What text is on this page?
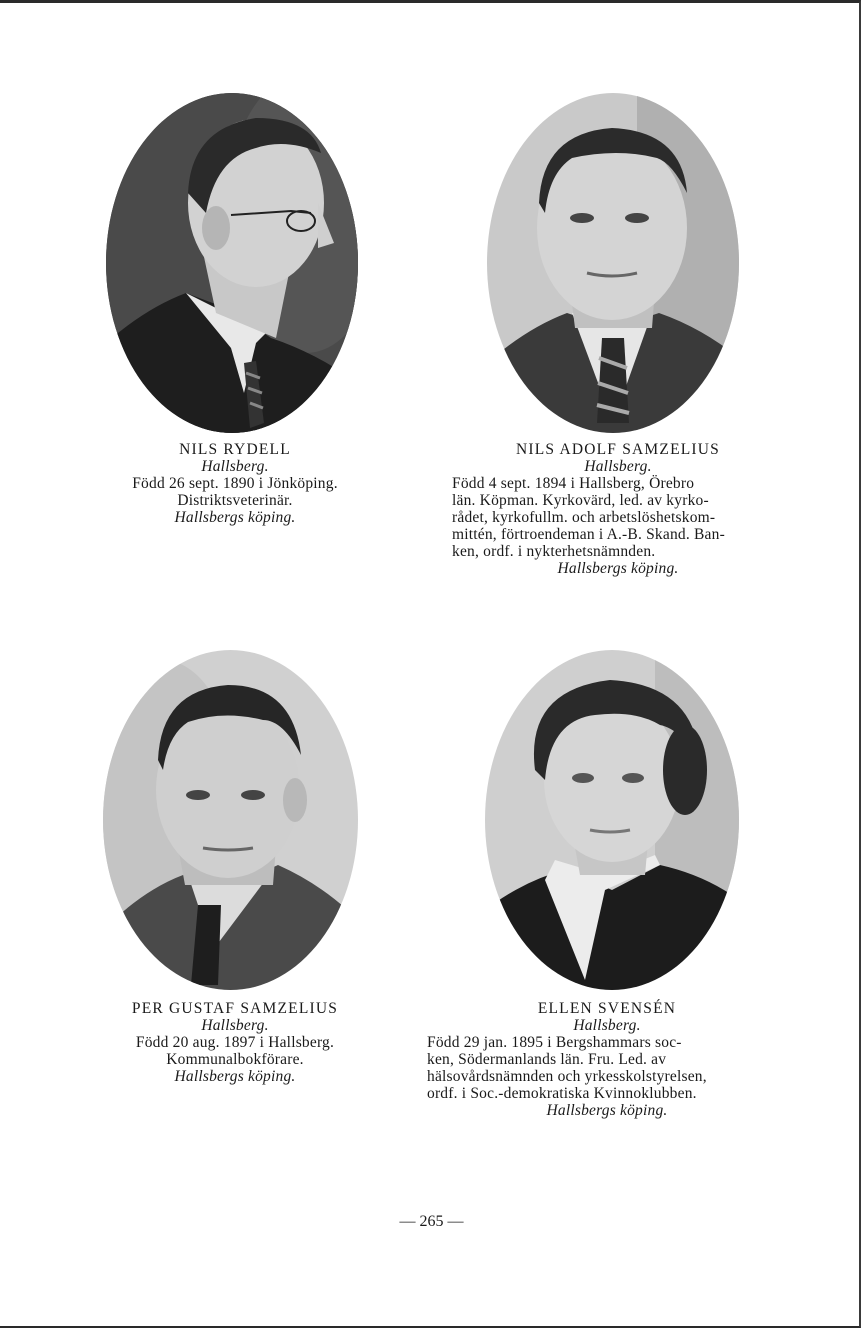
NILS RYDELL
Hallsberg.
Född 26 sept. 1890 i Jönköping.
Distriktsveterinär.
Hallsbergs köping.
NILS ADOLF SAMZELIUS
Hallsberg.
Född 4 sept. 1894 i Hallsberg, Örebro
län. Köpman. Kyrkovärd, led. av kyrko-
rådet, kyrkofullm. och arbetslöshetskom-
mittén, förtroendeman i A.-B. Skand. Ban-
ken, ordf. i nykterhetsnämnden.
Hallsbergs köping.
PER GUSTAF SAMZELIUS
Hallsberg.
Född 20 aug. 1897 i Hallsberg.
Kommunalbokförare.
Hallsbergs köping.
ELLEN SVENSÉN
Hallsberg.
Född 29 jan. 1895 i Bergshammars soc-
ken, Södermanlands län. Fru. Led. av
hälsovårdsnämnden och yrkesskolstyrelsen,
ordf. i Soc.-demokratiska Kvinnoklubben.
Hallsbergs köping.
— 265 —
